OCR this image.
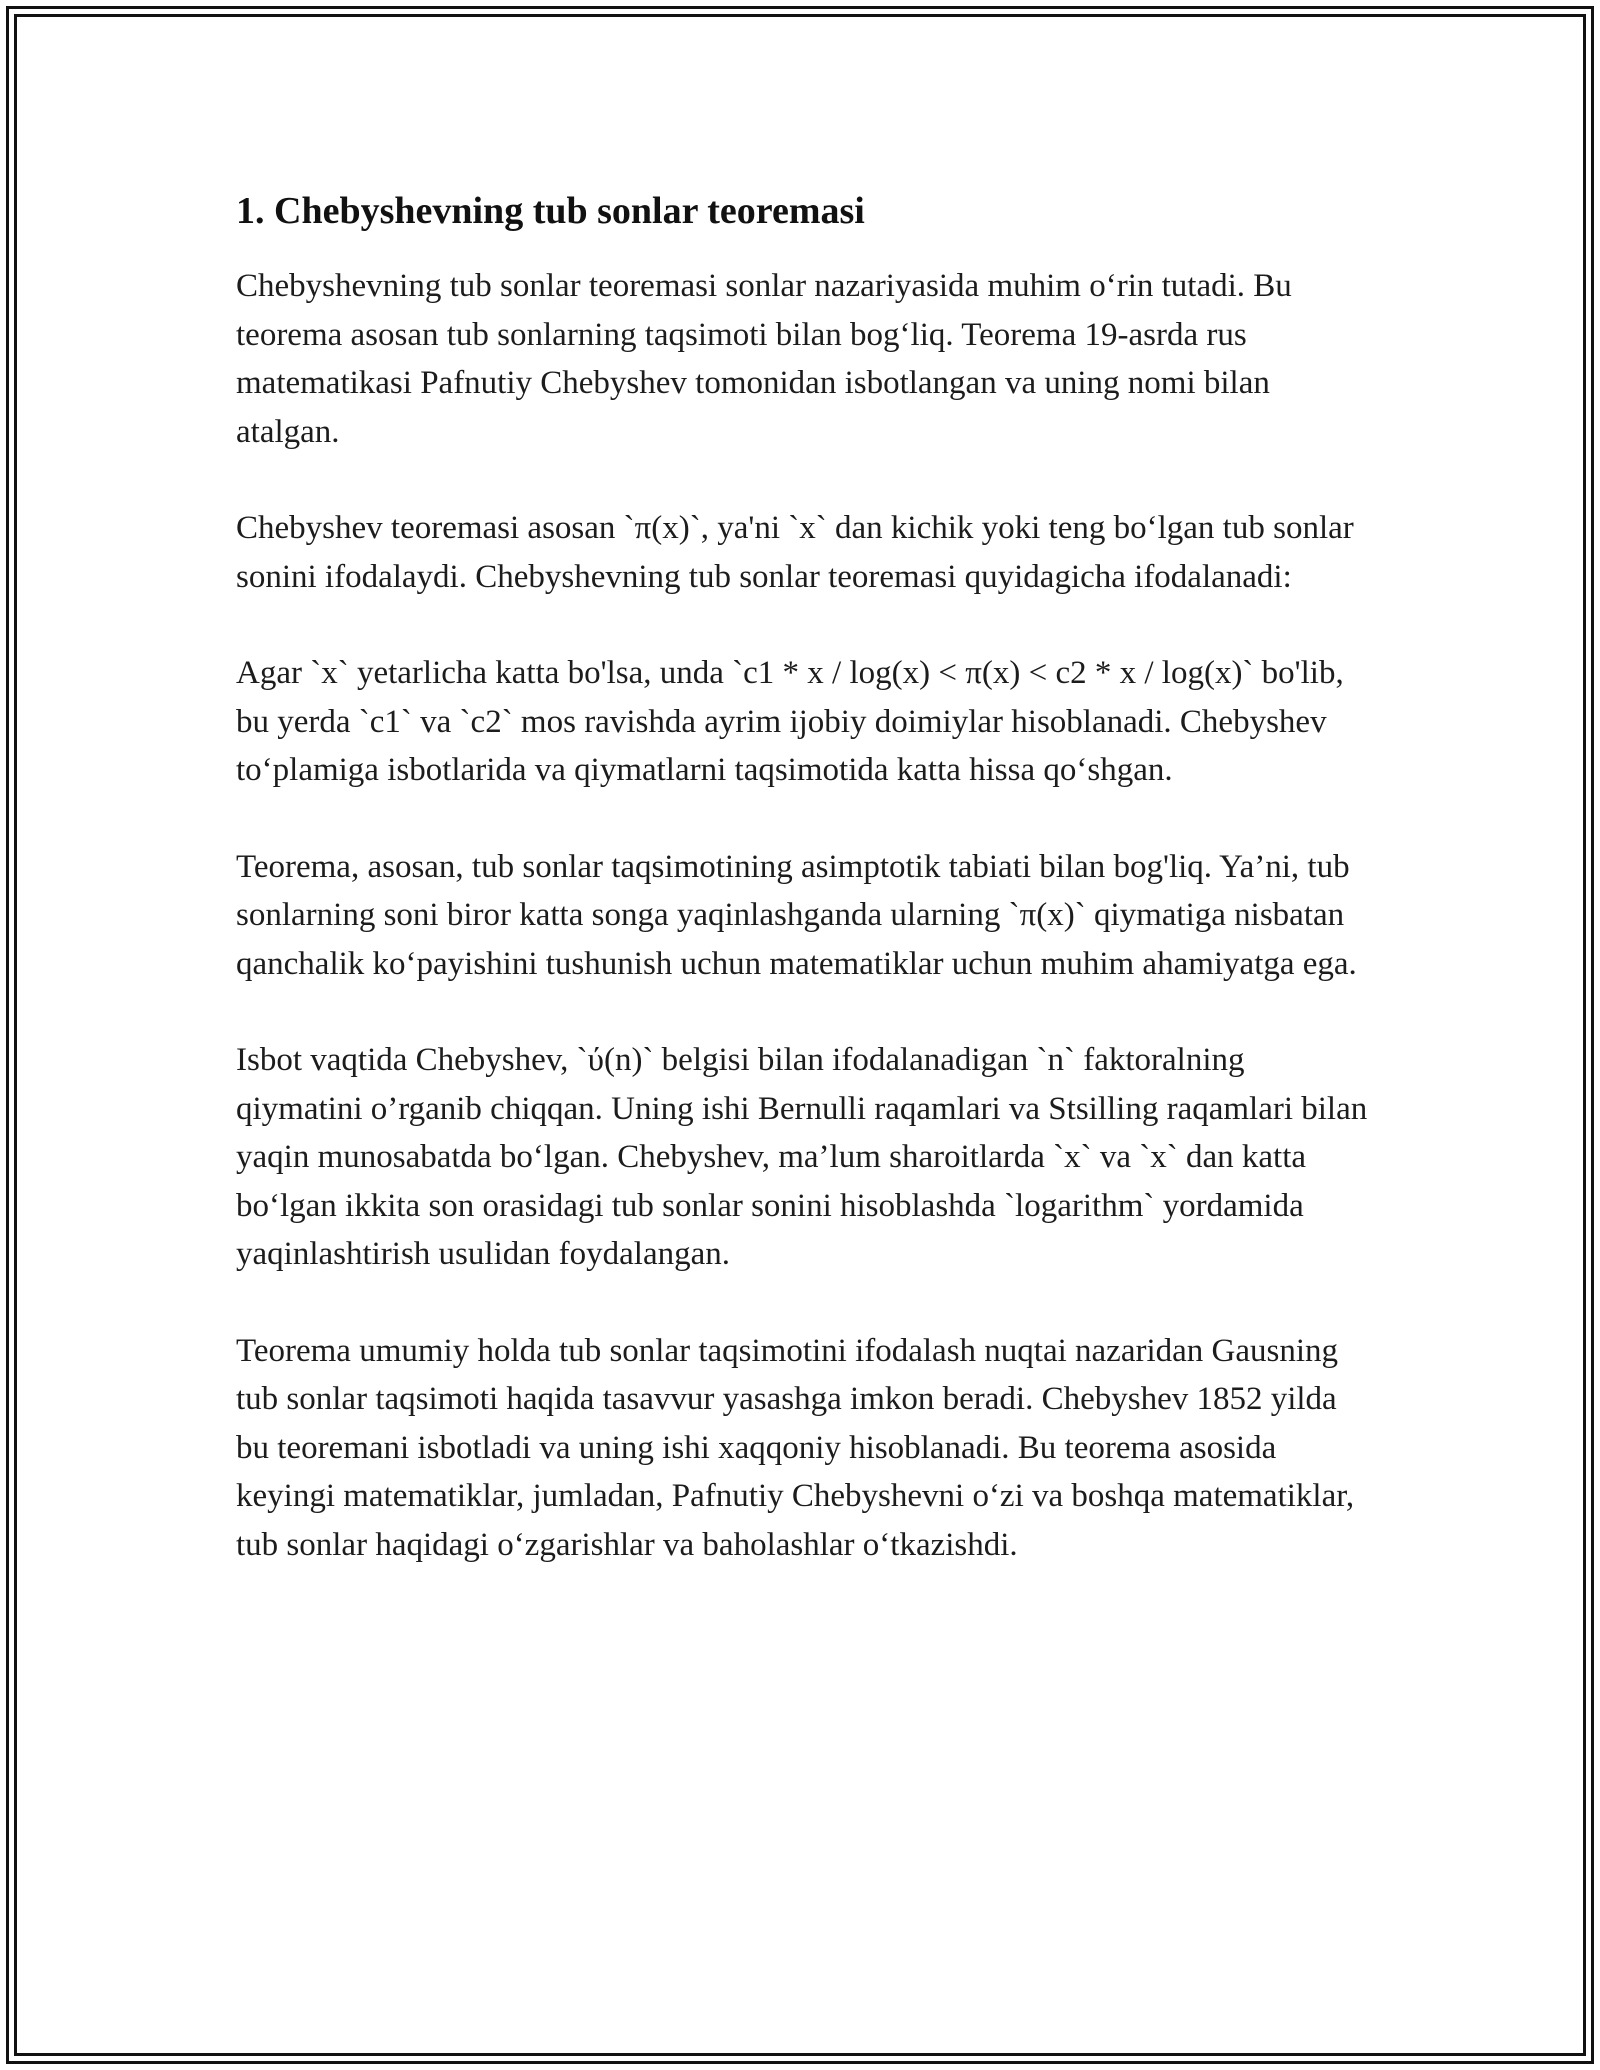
1. Chebyshevning tub sonlar teoremasi

Chebyshevning tub sonlar teoremasi sonlar nazariyasida muhim o‘rin tutadi. Bu teorema asosan tub sonlarning taqsimoti bilan bog‘liq. Teorema 19-asrda rus matematikasi Pafnutiy Chebyshev tomonidan isbotlangan va uning nomi bilan atalgan.

Chebyshev teoremasi asosan `π(x)`, ya'ni `x` dan kichik yoki teng bo‘lgan tub sonlar sonini ifodalaydi. Chebyshevning tub sonlar teoremasi quyidagicha ifodalanadi:

Agar `x` yetarlicha katta bo'lsa, unda `c1 * x / log(x) < π(x) < c2 * x / log(x)` bo'lib, bu yerda `c1` va `c2` mos ravishda ayrim ijobiy doimiylar hisoblanadi. Chebyshev to‘plamiga isbotlarida va qiymatlarni taqsimotida katta hissa qo‘shgan.

Teorema, asosan, tub sonlar taqsimotining asimptotik tabiati bilan bog'liq. Ya’ni, tub sonlarning soni biror katta songa yaqinlashganda ularning `π(x)` qiymatiga nisbatan qanchalik ko‘payishini tushunish uchun matematiklar uchun muhim ahamiyatga ega.

Isbot vaqtida Chebyshev, `ύ(n)` belgisi bilan ifodalanadigan `n` faktoralning qiymatini o’rganib chiqqan. Uning ishi Bernulli raqamlari va Stsilling raqamlari bilan yaqin munosabatda bo‘lgan. Chebyshev, ma’lum sharoitlarda `x` va `x` dan katta bo‘lgan ikkita son orasidagi tub sonlar sonini hisoblashda `logarithm` yordamida yaqinlashtirish usulidan foydalangan.

Teorema umumiy holda tub sonlar taqsimotini ifodalash nuqtai nazaridan Gausning tub sonlar taqsimoti haqida tasavvur yasashga imkon beradi. Chebyshev 1852 yilda bu teoremani isbotladi va uning ishi xaqqoniy hisoblanadi. Bu teorema asosida keyingi matematiklar, jumladan, Pafnutiy Chebyshevni o‘zi va boshqa matematiklar, tub sonlar haqidagi o‘zgarishlar va baholashlar o‘tkazishdi.
